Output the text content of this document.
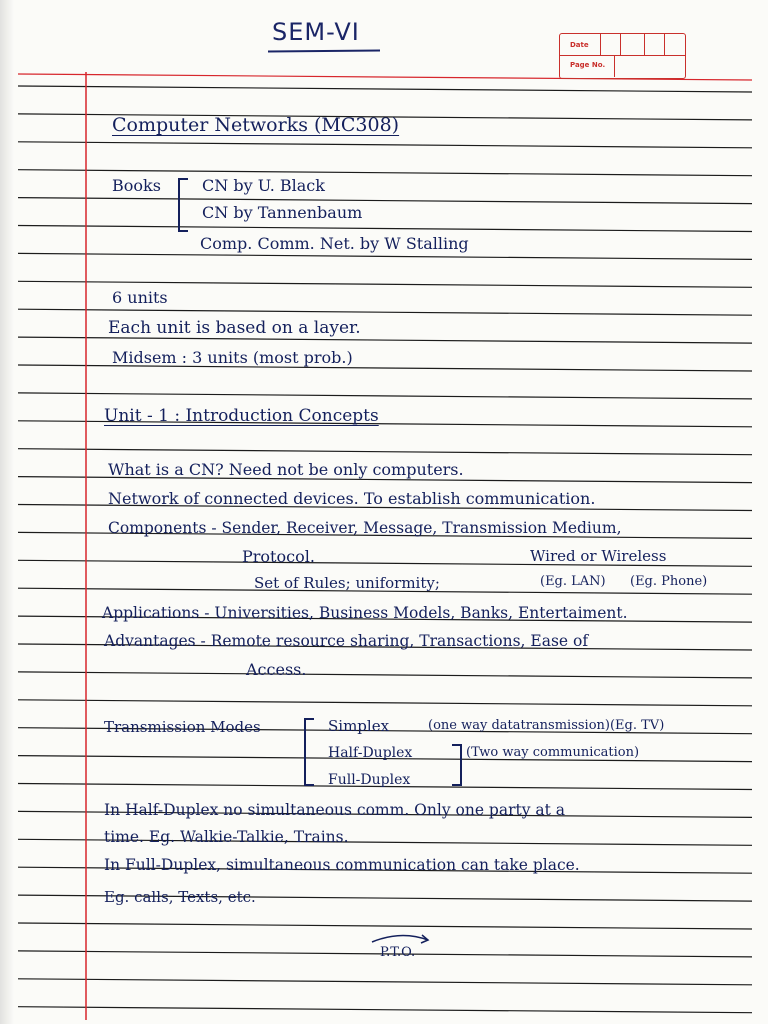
SEM-VI	Date
Page No.
Computer Networks (MC308)
Books	CN by U. Black
CN by Tannenbaum
Comp. Comm. Net. by W Stalling
6 units
Each unit is based on a layer.
Midsem : 3 units (most prob.)
Unit - 1 : Introduction Concepts
What is a CN? Need not be only computers.
Network of connected devices. To establish communication.
Components - Sender, Receiver, Message, Transmission Medium,
Protocol.	Wired or Wireless
Set of Rules; uniformity;	(Eg. LAN) (Eg. Phone)
Applications - Universities, Business Models, Banks, Entertaiment.
Advantages - Remote resource sharing, Transactions, Ease of
Access.
Transmission Modes	Simplex	(one way datatransmission)(Eg. TV)
Half-Duplex	(Two way communication)
Full-Duplex
In Half-Duplex no simultaneous comm. Only one party at a
time. Eg. Walkie-Talkie, Trains.
In Full-Duplex, simultaneous communication can take place.
Eg. calls, Texts, etc.
P.T.O.
